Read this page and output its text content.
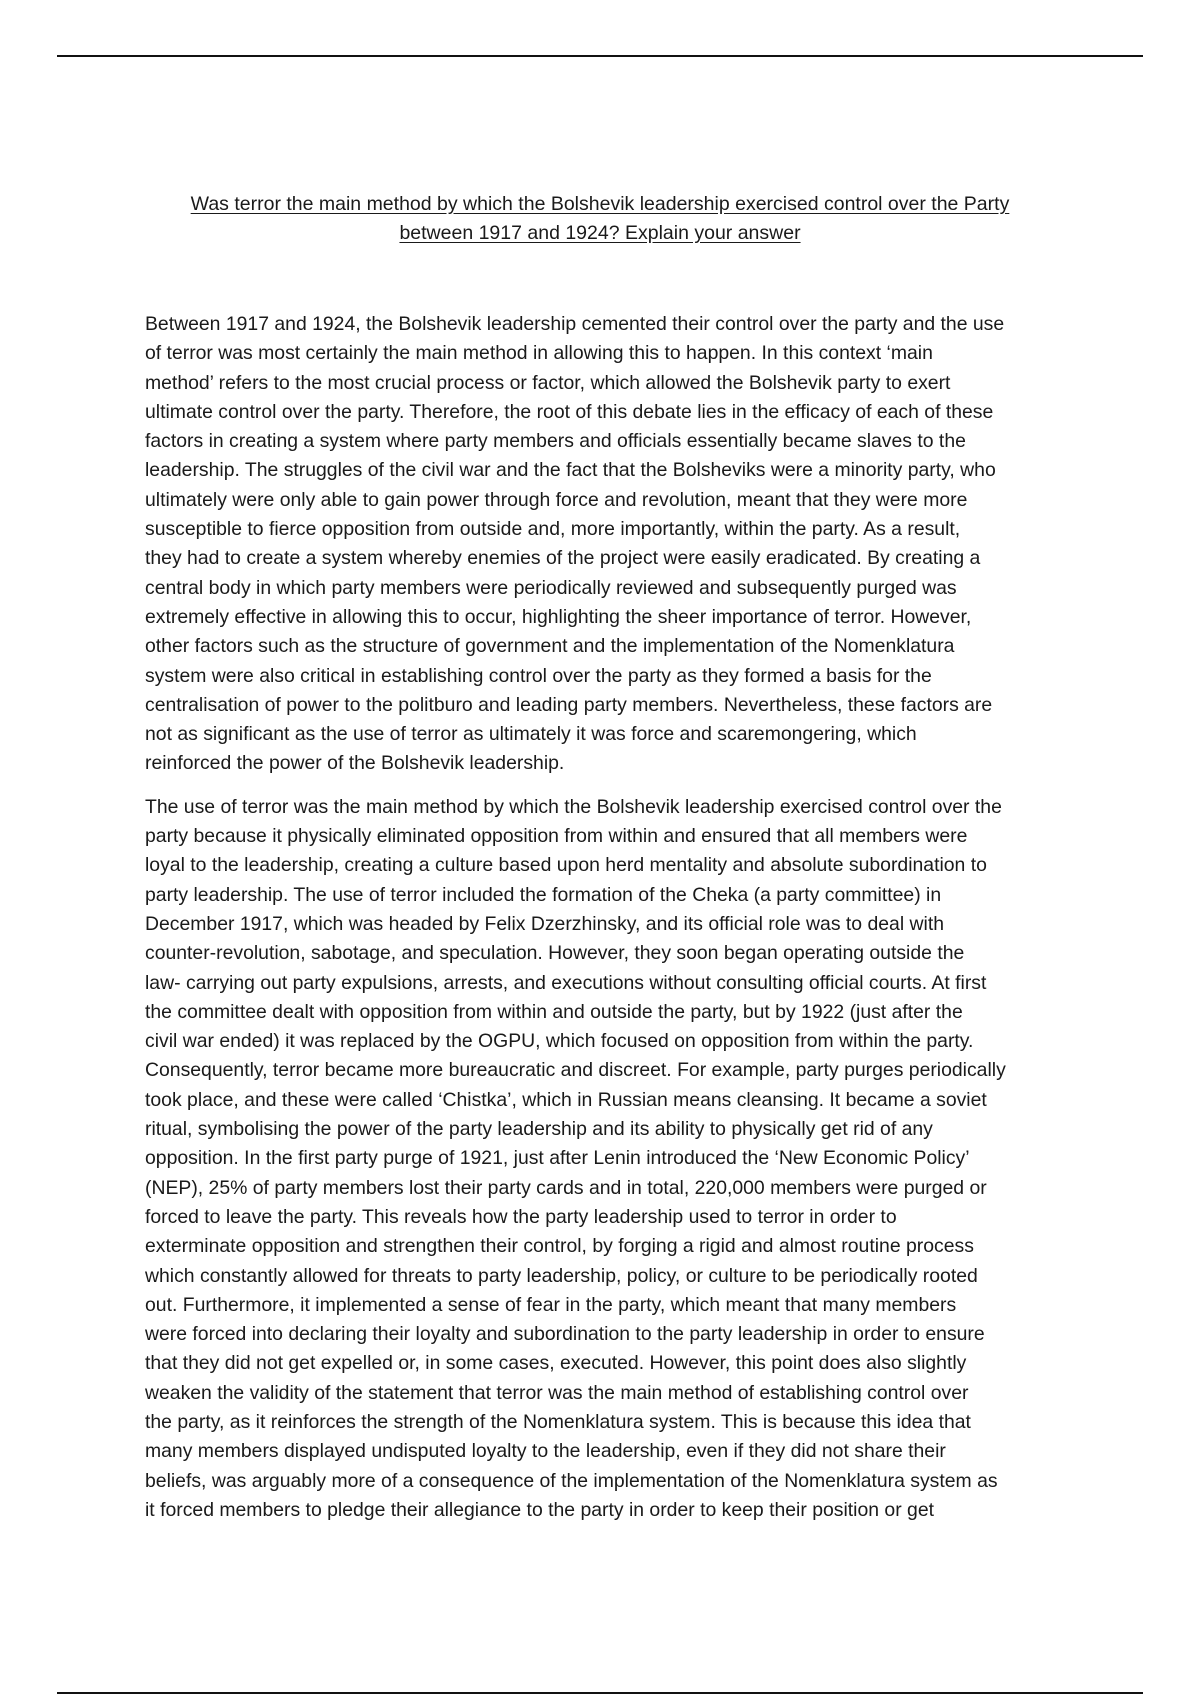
Was terror the main method by which the Bolshevik leadership exercised control over the Party
between 1917 and 1924? Explain your answer

Between 1917 and 1924, the Bolshevik leadership cemented their control over the party and the use
of terror was most certainly the main method in allowing this to happen. In this context ‘main
method’ refers to the most crucial process or factor, which allowed the Bolshevik party to exert
ultimate control over the party. Therefore, the root of this debate lies in the efficacy of each of these
factors in creating a system where party members and officials essentially became slaves to the
leadership. The struggles of the civil war and the fact that the Bolsheviks were a minority party, who
ultimately were only able to gain power through force and revolution, meant that they were more
susceptible to fierce opposition from outside and, more importantly, within the party. As a result,
they had to create a system whereby enemies of the project were easily eradicated. By creating a
central body in which party members were periodically reviewed and subsequently purged was
extremely effective in allowing this to occur, highlighting the sheer importance of terror. However,
other factors such as the structure of government and the implementation of the Nomenklatura
system were also critical in establishing control over the party as they formed a basis for the
centralisation of power to the politburo and leading party members. Nevertheless, these factors are
not as significant as the use of terror as ultimately it was force and scaremongering, which
reinforced the power of the Bolshevik leadership.

The use of terror was the main method by which the Bolshevik leadership exercised control over the
party because it physically eliminated opposition from within and ensured that all members were
loyal to the leadership, creating a culture based upon herd mentality and absolute subordination to
party leadership. The use of terror included the formation of the Cheka (a party committee) in
December 1917, which was headed by Felix Dzerzhinsky, and its official role was to deal with
counter-revolution, sabotage, and speculation. However, they soon began operating outside the
law- carrying out party expulsions, arrests, and executions without consulting official courts. At first
the committee dealt with opposition from within and outside the party, but by 1922 (just after the
civil war ended) it was replaced by the OGPU, which focused on opposition from within the party.
Consequently, terror became more bureaucratic and discreet. For example, party purges periodically
took place, and these were called ‘Chistka’, which in Russian means cleansing. It became a soviet
ritual, symbolising the power of the party leadership and its ability to physically get rid of any
opposition. In the first party purge of 1921, just after Lenin introduced the ‘New Economic Policy’
(NEP), 25% of party members lost their party cards and in total, 220,000 members were purged or
forced to leave the party. This reveals how the party leadership used to terror in order to
exterminate opposition and strengthen their control, by forging a rigid and almost routine process
which constantly allowed for threats to party leadership, policy, or culture to be periodically rooted
out. Furthermore, it implemented a sense of fear in the party, which meant that many members
were forced into declaring their loyalty and subordination to the party leadership in order to ensure
that they did not get expelled or, in some cases, executed. However, this point does also slightly
weaken the validity of the statement that terror was the main method of establishing control over
the party, as it reinforces the strength of the Nomenklatura system. This is because this idea that
many members displayed undisputed loyalty to the leadership, even if they did not share their
beliefs, was arguably more of a consequence of the implementation of the Nomenklatura system as
it forced members to pledge their allegiance to the party in order to keep their position or get
